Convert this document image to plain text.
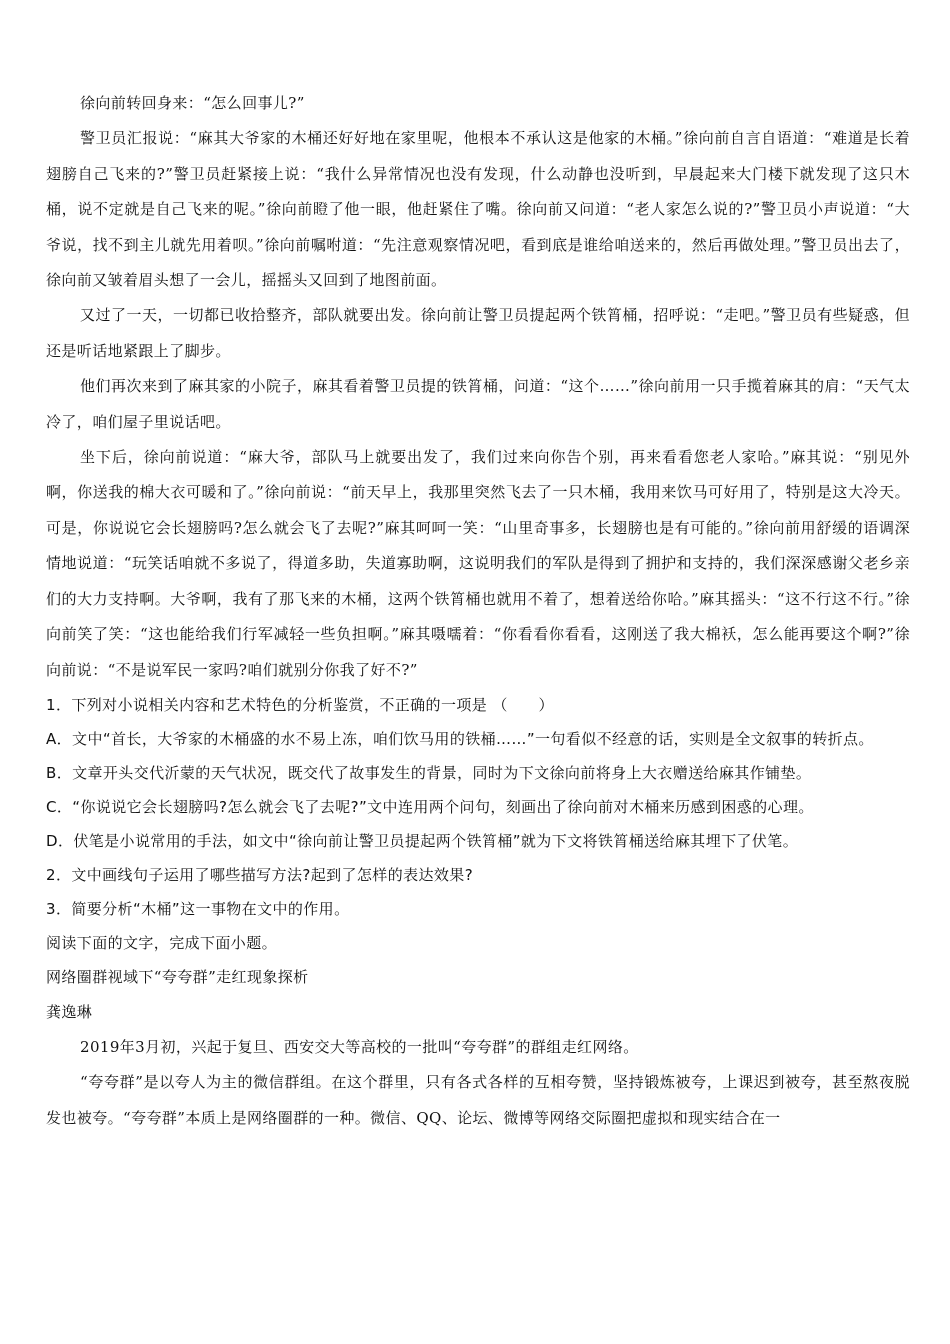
徐向前转回身来：“怎么回事儿?”

警卫员汇报说：“麻其大爷家的木桶还好好地在家里呢，他根本不承认这是他家的木桶。”徐向前自言自语道：“难道是长着翅膀自己飞来的?”警卫员赶紧接上说：“我什么异常情况也没有发现，什么动静也没听到，早晨起来大门楼下就发现了这只木桶，说不定就是自己飞来的呢。”徐向前瞪了他一眼，他赶紧住了嘴。徐向前又问道：“老人家怎么说的?”警卫员小声说道：“大爷说，找不到主儿就先用着呗。”徐向前嘱咐道：“先注意观察情况吧，看到底是谁给咱送来的，然后再做处理。”警卫员出去了，徐向前又皱着眉头想了一会儿，摇摇头又回到了地图前面。

又过了一天，一切都已收拾整齐，部队就要出发。徐向前让警卫员提起两个铁筲桶，招呼说：“走吧。”警卫员有些疑惑，但还是听话地紧跟上了脚步。

他们再次来到了麻其家的小院子，麻其看着警卫员提的铁筲桶，问道：“这个……”徐向前用一只手揽着麻其的肩：“天气太冷了，咱们屋子里说话吧。

坐下后，徐向前说道：“麻大爷，部队马上就要出发了，我们过来向你告个别，再来看看您老人家哈。”麻其说：“别见外啊，你送我的棉大衣可暖和了。”徐向前说：“前天早上，我那里突然飞去了一只木桶，我用来饮马可好用了，特别是这大冷天。可是，你说说它会长翅膀吗?怎么就会飞了去呢?”麻其呵呵一笑：“山里奇事多，长翅膀也是有可能的。”徐向前用舒缓的语调深情地说道：“玩笑话咱就不多说了，得道多助，失道寡助啊，这说明我们的军队是得到了拥护和支持的，我们深深感谢父老乡亲们的大力支持啊。大爷啊，我有了那飞来的木桶，这两个铁筲桶也就用不着了，想着送给你哈。”麻其摇头：“这不行这不行。”徐向前笑了笑：“这也能给我们行军减轻一些负担啊。”麻其嗫嚅着：“你看看你看看，这刚送了我大棉袄，怎么能再要这个啊?”徐向前说：“不是说军民一家吗?咱们就别分你我了好不?”

1．下列对小说相关内容和艺术特色的分析鉴赏，不正确的一项是 （　　）

A．文中“首长，大爷家的木桶盛的水不易上冻，咱们饮马用的铁桶……”一句看似不经意的话，实则是全文叙事的转折点。

B．文章开头交代沂蒙的天气状况，既交代了故事发生的背景，同时为下文徐向前将身上大衣赠送给麻其作铺垫。

C．“你说说它会长翅膀吗?怎么就会飞了去呢?”文中连用两个问句，刻画出了徐向前对木桶来历感到困惑的心理。

D．伏笔是小说常用的手法，如文中“徐向前让警卫员提起两个铁筲桶”就为下文将铁筲桶送给麻其埋下了伏笔。

2．文中画线句子运用了哪些描写方法?起到了怎样的表达效果?

3．简要分析“木桶”这一事物在文中的作用。

阅读下面的文字，完成下面小题。

网络圈群视域下“夸夸群”走红现象探析

龚逸琳

2019年3月初，兴起于复旦、西安交大等高校的一批叫“夸夸群”的群组走红网络。

“夸夸群”是以夸人为主的微信群组。在这个群里，只有各式各样的互相夸赞，坚持锻炼被夸，上课迟到被夸，甚至熬夜脱发也被夸。“夸夸群”本质上是网络圈群的一种。微信、QQ、论坛、微博等网络交际圈把虚拟和现实结合在一
